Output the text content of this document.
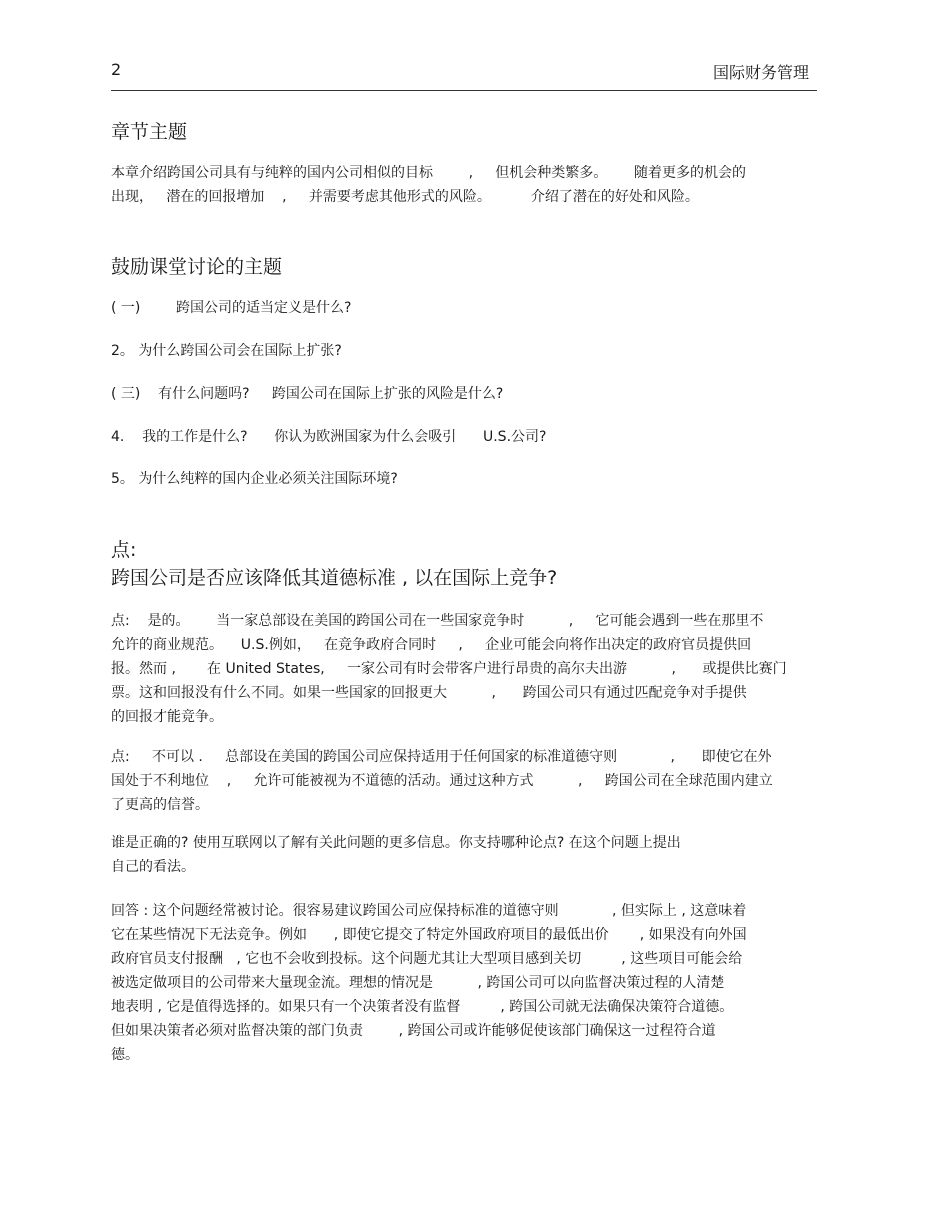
2	国际财务管理
章节主题

本章介绍跨国公司具有与纯粹的国内公司相似的目标        ,     但机会种类繁多。      随着更多的机会的
出现，   潜在的回报增加    ,     并需要考虑其他形式的风险。         介绍了潜在的好处和风险。

鼓励课堂讨论的主题

( 一)        跨国公司的适当定义是什么?

2。 为什么跨国公司会在国际上扩张?

( 三)    有什么问题吗?     跨国公司在国际上扩张的风险是什么?

4.    我的工作是什么?      你认为欧洲国家为什么会吸引      U.S.公司?

5。 为什么纯粹的国内企业必须关注国际环境?

点:
跨国公司是否应该降低其道德标准 , 以在国际上竞争?

点:    是的。      当一家总部设在美国的跨国公司在一些国家竞争时          ,     它可能会遇到一些在那里不
允许的商业规范。    U.S.例如，   在竞争政府合同时     ,     企业可能会向将作出决定的政府官员提供回
报。然而 ,       在 United States,     一家公司有时会带客户进行昂贵的高尔夫出游          ,      或提供比赛门
票。这和回报没有什么不同。如果一些国家的回报更大          ,      跨国公司只有通过匹配竞争对手提供
的回报才能竞争。

点:     不可以 .     总部设在美国的跨国公司应保持适用于任何国家的标准道德守则            ,      即使它在外
国处于不利地位    ,     允许可能被视为不道德的活动。通过这种方式          ,     跨国公司在全球范围内建立
了更高的信誉。

谁是正确的? 使用互联网以了解有关此问题的更多信息。你支持哪种论点? 在这个问题上提出
自己的看法。

回答 : 这个问题经常被讨论。很容易建议跨国公司应保持标准的道德守则            , 但实际上 , 这意味着
它在某些情况下无法竞争。例如      , 即使它提交了特定外国政府项目的最低出价       , 如果没有向外国
政府官员支付报酬   , 它也不会收到投标。这个问题尤其让大型项目感到关切         , 这些项目可能会给
被选定做项目的公司带来大量现金流。理想的情况是          , 跨国公司可以向监督决策过程的人清楚
地表明 , 它是值得选择的。如果只有一个决策者没有监督         , 跨国公司就无法确保决策符合道德。
但如果决策者必须对监督决策的部门负责        , 跨国公司或许能够促使该部门确保这一过程符合道
德。
